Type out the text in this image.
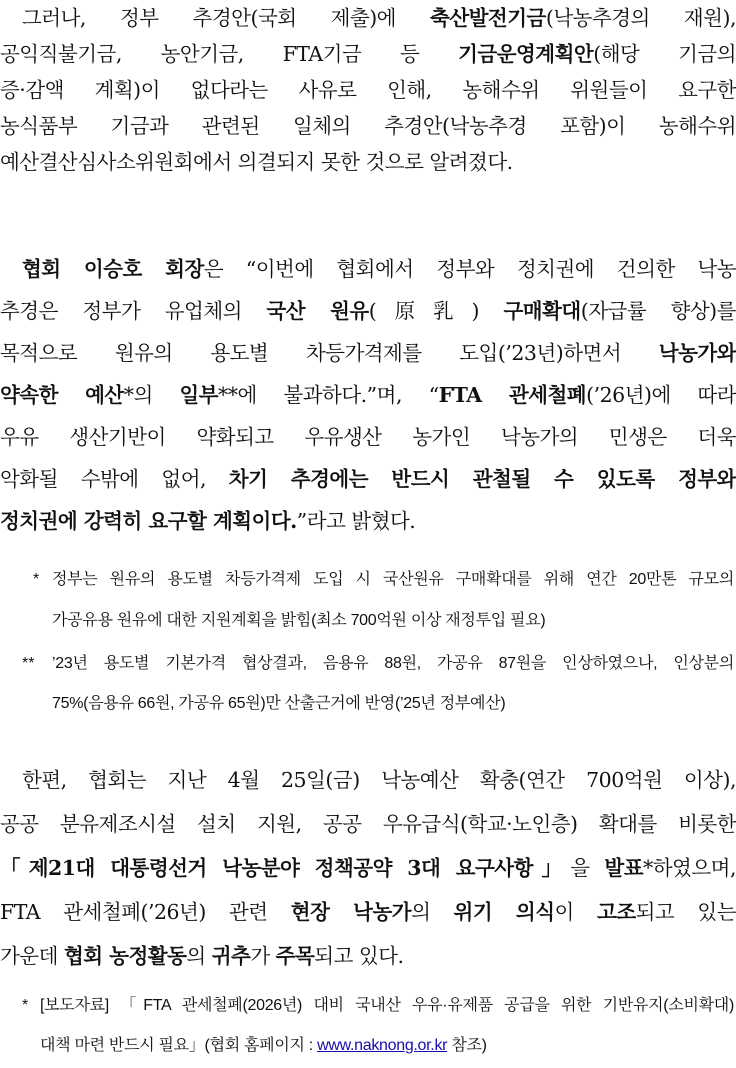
그러나, 정부 추경안(국회 제출)에 축산발전기금(낙농추경의 재원),
공익직불기금, 농안기금, FTA기금 등 기금운영계획안(해당 기금의
증·감액 계획)이 없다라는 사유로 인해, 농해수위 위원들이 요구한
농식품부 기금과 관련된 일체의 추경안(낙농추경 포함)이 농해수위
예산결산심사소위원회에서 의결되지 못한 것으로 알려졌다.
협회 이승호 회장은 “이번에 협회에서 정부와 정치권에 건의한 낙농
추경은 정부가 유업체의 국산 원유(原乳) 구매확대(자급률 향상)를
목적으로 원유의 용도별 차등가격제를 도입(’23년)하면서 낙농가와
약속한 예산*의 일부**에 불과하다.”며, “FTA 관세철폐(’26년)에 따라
우유 생산기반이 약화되고 우유생산 농가인 낙농가의 민생은 더욱
악화될 수밖에 없어, 차기 추경에는 반드시 관철될 수 있도록 정부와
정치권에 강력히 요구할 계획이다.”라고 밝혔다.
* 정부는 원유의 용도별 차등가격제 도입 시 국산원유 구매확대를 위해 연간 20만톤 규모의
가공유용 원유에 대한 지원계획을 밝힘(최소 700억원 이상 재정투입 필요)
** ’23년 용도별 기본가격 협상결과, 음용유 88원, 가공유 87원을 인상하였으나, 인상분의
75%(음용유 66원, 가공유 65원)만 산출근거에 반영(’25년 정부예산)
한편, 협회는 지난 4월 25일(금) 낙농예산 확충(연간 700억원 이상),
공공 분유제조시설 설치 지원, 공공 우유급식(학교·노인층) 확대를 비롯한
「제21대 대통령선거 낙농분야 정책공약 3대 요구사항」을 발표*하였으며,
FTA 관세철폐(’26년) 관련 현장 낙농가의 위기 의식이 고조되고 있는
가운데 협회 농정활동의 귀추가 주목되고 있다.
* [보도자료] 「FTA 관세철폐(2026년) 대비 국내산 우유·유제품 공급을 위한 기반유지(소비확대)
대책 마련 반드시 필요」(협회 홈페이지 : www.naknong.or.kr 참조)
